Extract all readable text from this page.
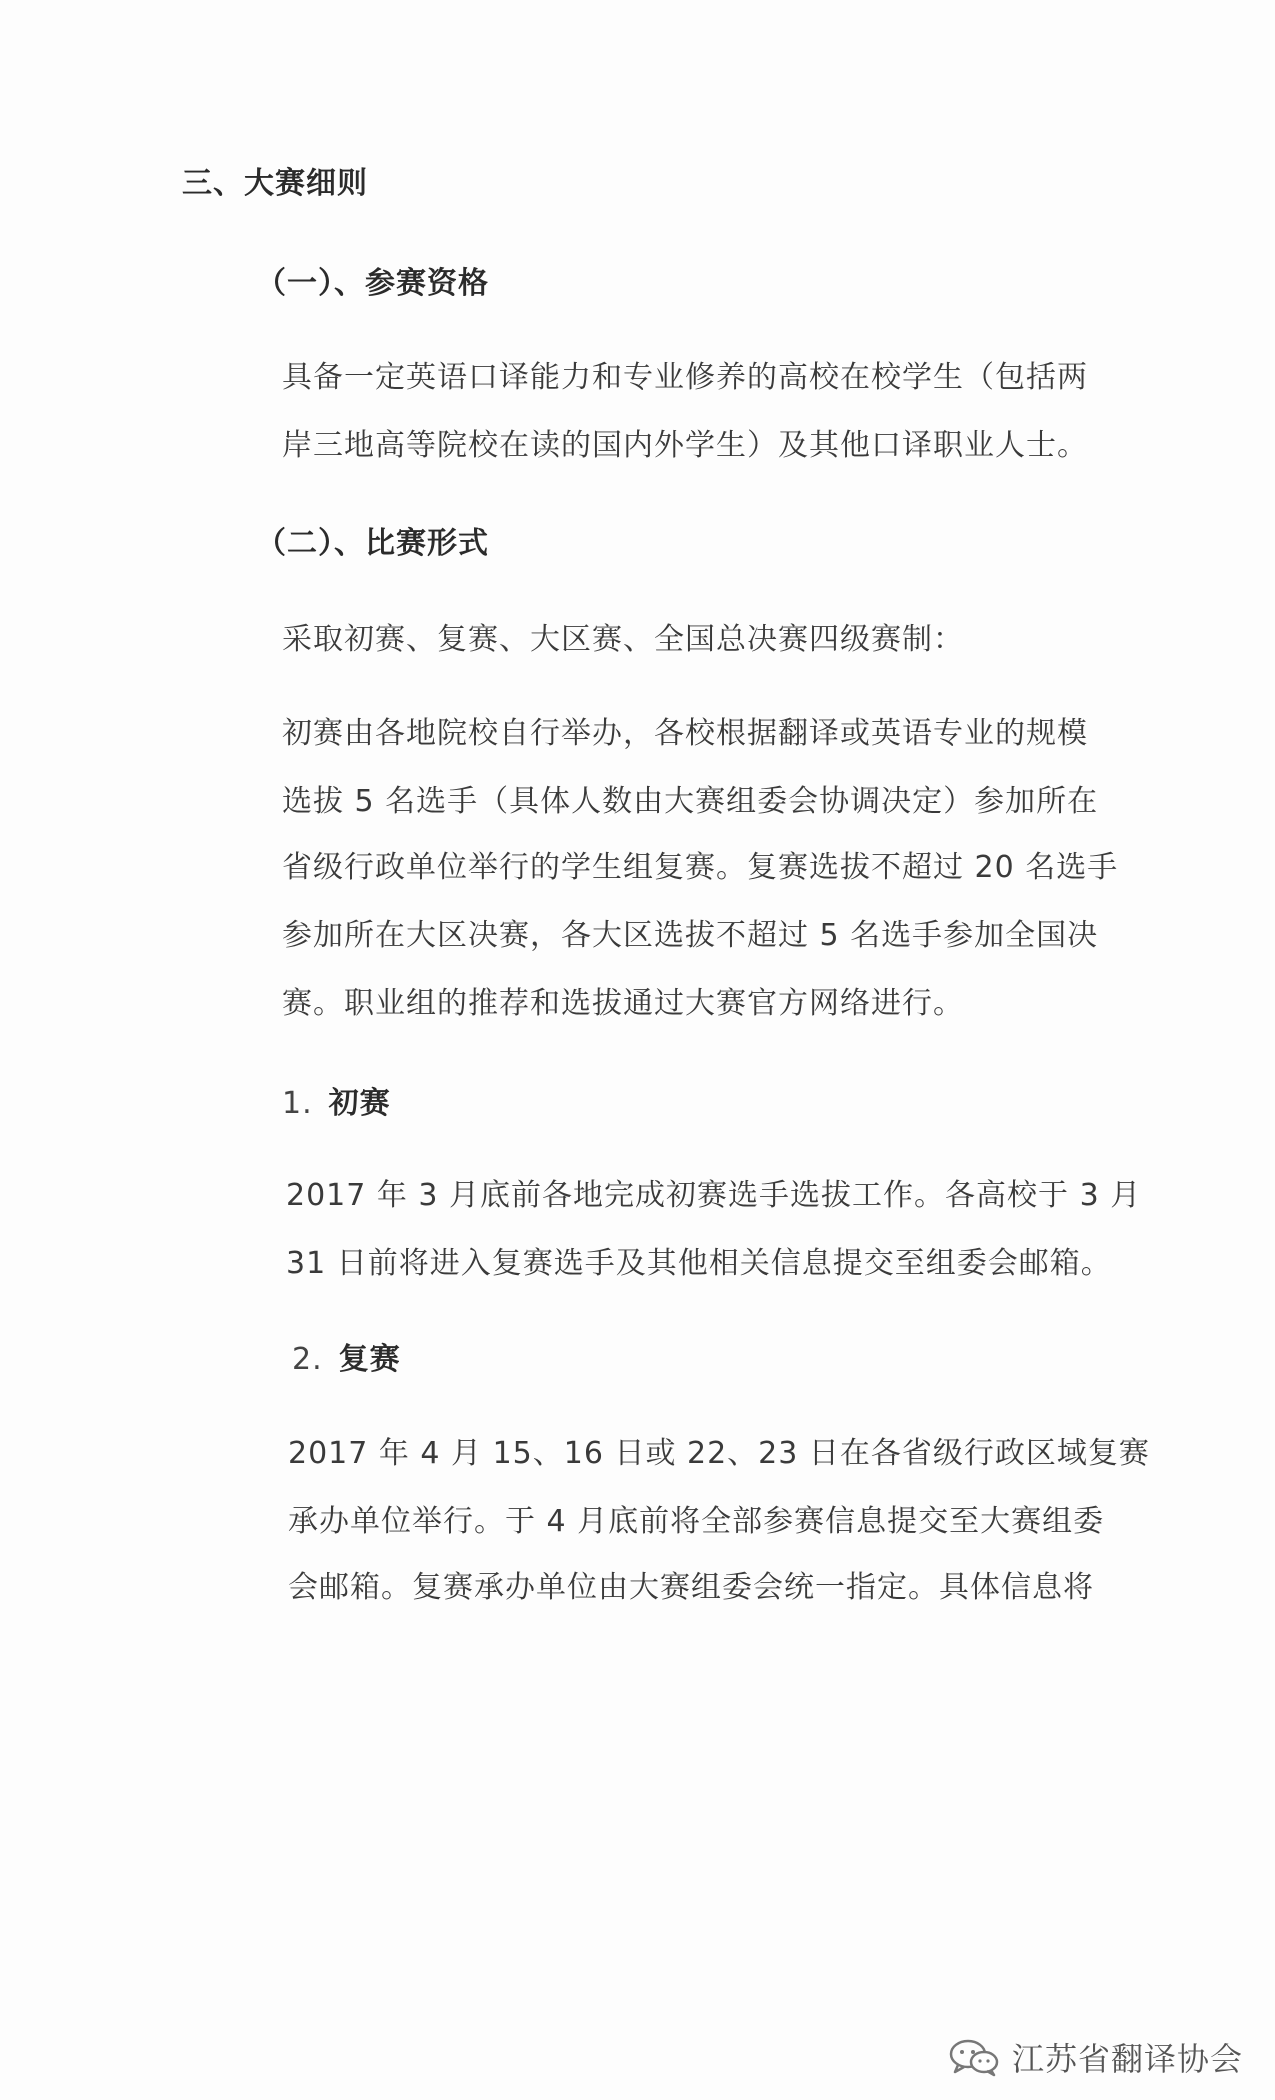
三、大赛细则
（一）、参赛资格
具备一定英语口译能力和专业修养的高校在校学生（包括两
岸三地高等院校在读的国内外学生）及其他口译职业人士。
（二）、比赛形式
采取初赛、复赛、大区赛、全国总决赛四级赛制：
初赛由各地院校自行举办，各校根据翻译或英语专业的规模
选拔 5 名选手（具体人数由大赛组委会协调决定）参加所在
省级行政单位举行的学生组复赛。复赛选拔不超过 20 名选手
参加所在大区决赛，各大区选拔不超过 5 名选手参加全国决
赛。职业组的推荐和选拔通过大赛官方网络进行。
1. 初赛
2017 年 3 月底前各地完成初赛选手选拔工作。各高校于 3 月
31 日前将进入复赛选手及其他相关信息提交至组委会邮箱。
2. 复赛
2017 年 4 月 15、16 日或 22、23 日在各省级行政区域复赛
承办单位举行。于 4 月底前将全部参赛信息提交至大赛组委
会邮箱。复赛承办单位由大赛组委会统一指定。具体信息将
江苏省翻译协会
